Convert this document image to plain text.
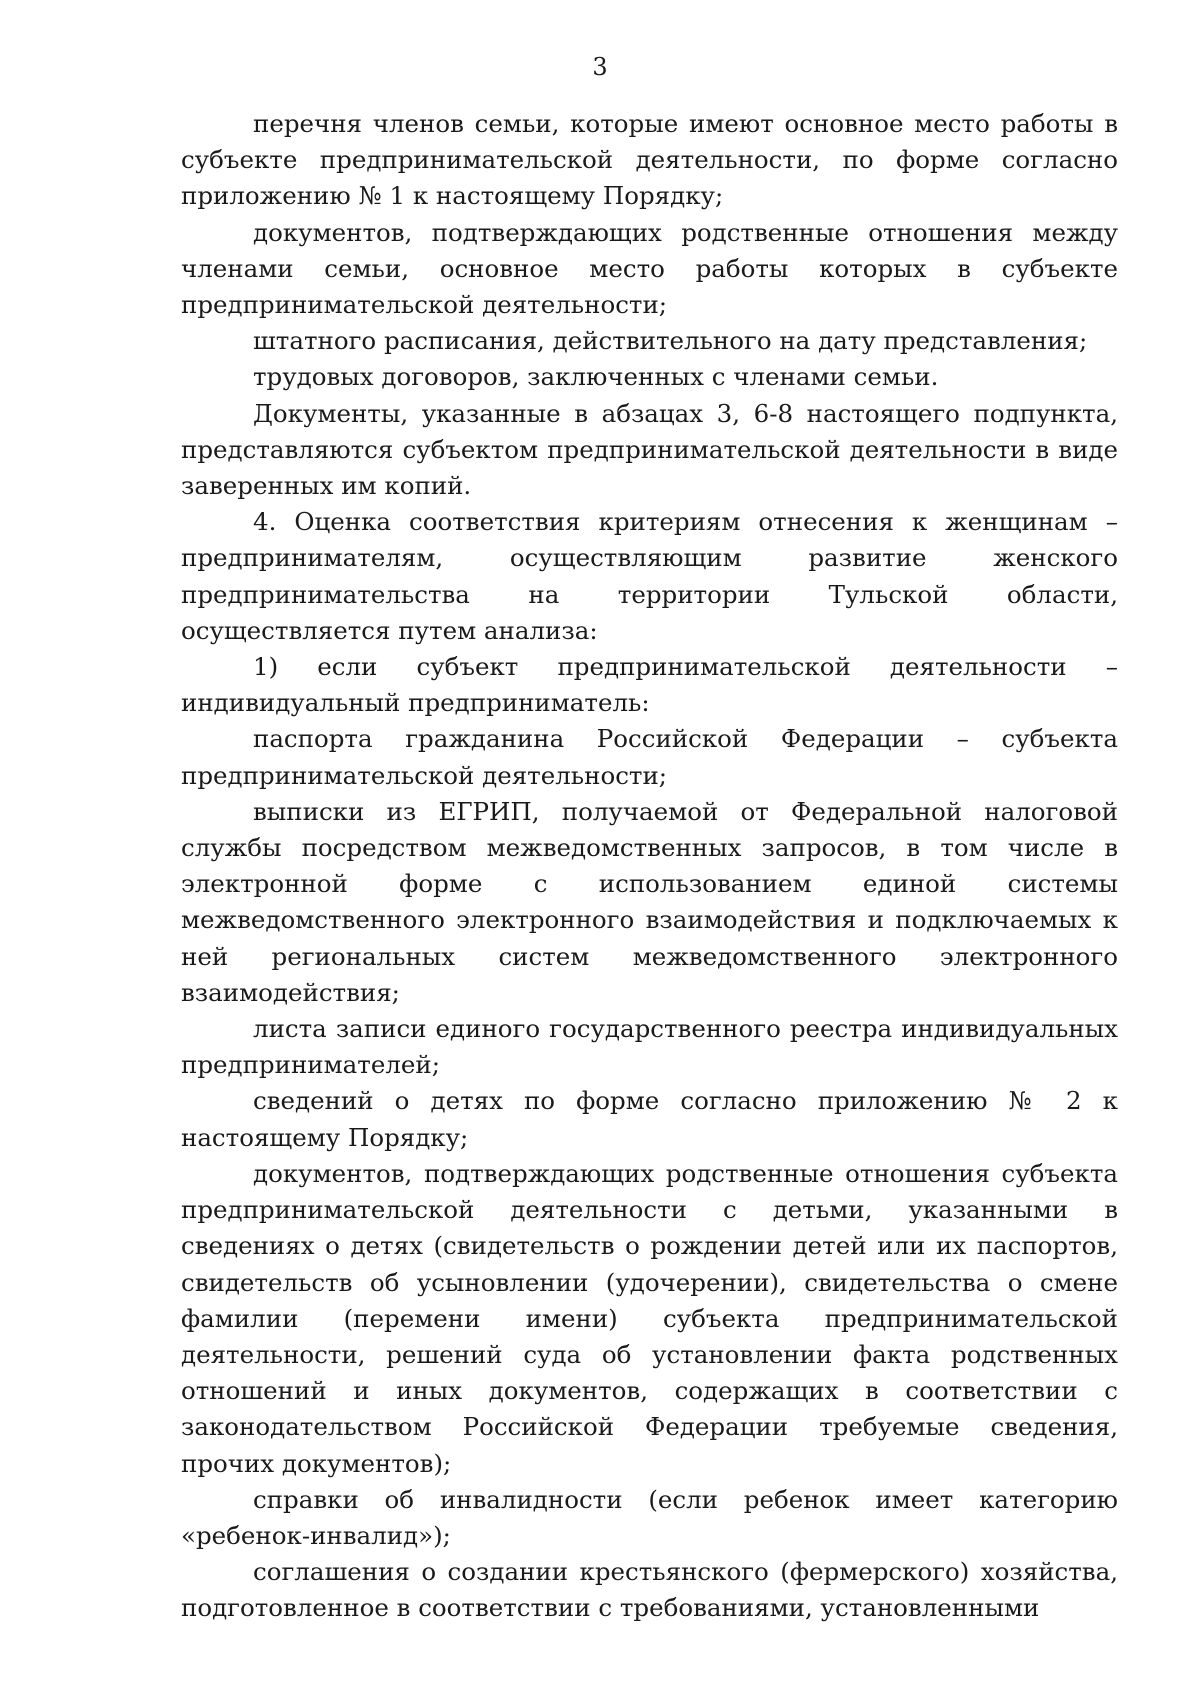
3

перечня членов семьи, которые имеют основное место работы в субъекте предпринимательской деятельности, по форме согласно приложению № 1 к настоящему Порядку;

документов, подтверждающих родственные отношения между членами семьи, основное место работы которых в субъекте предпринимательской деятельности;

штатного расписания, действительного на дату представления;

трудовых договоров, заключенных с членами семьи.

Документы, указанные в абзацах 3, 6-8 настоящего подпункта, представляются субъектом предпринимательской деятельности в виде заверенных им копий.

4. Оценка соответствия критериям отнесения к женщинам – предпринимателям, осуществляющим развитие женского предпринимательства на территории Тульской области, осуществляется путем анализа:

1) если субъект предпринимательской деятельности – индивидуальный предприниматель:

паспорта гражданина Российской Федерации – субъекта предпринимательской деятельности;

выписки из ЕГРИП, получаемой от Федеральной налоговой службы посредством межведомственных запросов, в том числе в электронной форме с использованием единой системы межведомственного электронного взаимодействия и подключаемых к ней региональных систем межведомственного электронного взаимодействия;

листа записи единого государственного реестра индивидуальных предпринимателей;

сведений о детях по форме согласно приложению № 2 к настоящему Порядку;

документов, подтверждающих родственные отношения субъекта предпринимательской деятельности с детьми, указанными в сведениях о детях (свидетельств о рождении детей или их паспортов, свидетельств об усыновлении (удочерении), свидетельства о смене фамилии (перемени имени) субъекта предпринимательской деятельности, решений суда об установлении факта родственных отношений и иных документов, содержащих в соответствии с законодательством Российской Федерации требуемые сведения, прочих документов);

справки об инвалидности (если ребенок имеет категорию «ребенок-инвалид»);

соглашения о создании крестьянского (фермерского) хозяйства, подготовленное в соответствии с требованиями, установленными
